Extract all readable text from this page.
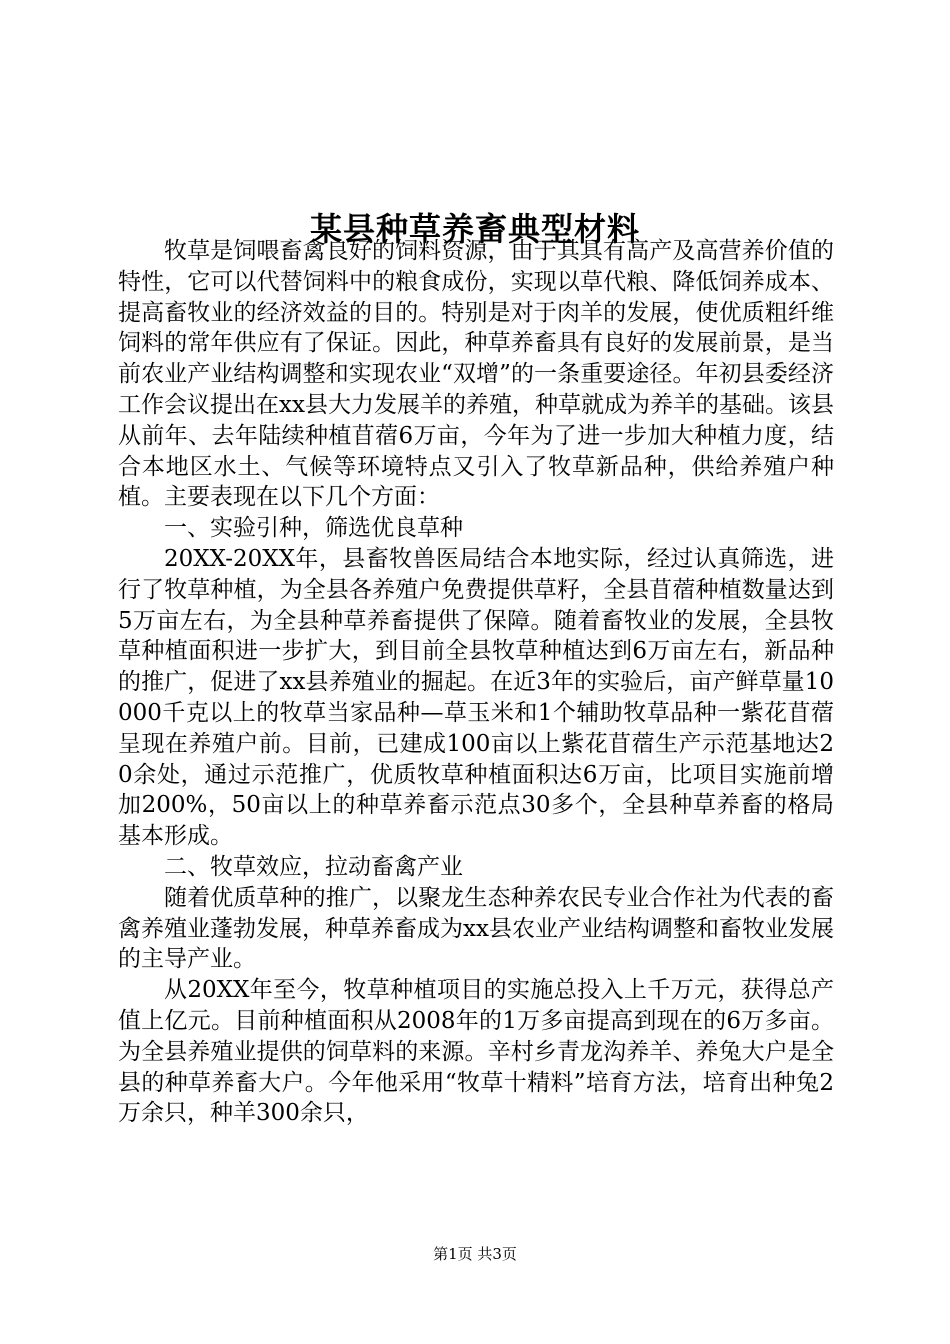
某县种草养畜典型材料

牧草是饲喂畜禽良好的饲料资源，由于其具有高产及高营养价值的特性，它可以代替饲料中的粮食成份，实现以草代粮、降低饲养成本、提高畜牧业的经济效益的目的。特别是对于肉羊的发展，使优质粗纤维饲料的常年供应有了保证。因此，种草养畜具有良好的发展前景，是当前农业产业结构调整和实现农业“双增”的一条重要途径。年初县委经济工作会议提出在xx县大力发展羊的养殖，种草就成为养羊的基础。该县从前年、去年陆续种植苜蓿6万亩，今年为了进一步加大种植力度，结合本地区水土、气候等环境特点又引入了牧草新品种，供给养殖户种植。主要表现在以下几个方面：

一、实验引种，筛选优良草种

20XX-20XX年，县畜牧兽医局结合本地实际，经过认真筛选，进行了牧草种植，为全县各养殖户免费提供草籽，全县苜蓿种植数量达到5万亩左右，为全县种草养畜提供了保障。随着畜牧业的发展，全县牧草种植面积进一步扩大，到目前全县牧草种植达到6万亩左右，新品种的推广，促进了xx县养殖业的掘起。在近3年的实验后，亩产鲜草量10000千克以上的牧草当家品种—草玉米和1个辅助牧草品种一紫花苜蓿呈现在养殖户前。目前，已建成100亩以上紫花苜蓿生产示范基地达20余处，通过示范推广，优质牧草种植面积达6万亩，比项目实施前增加200%，50亩以上的种草养畜示范点30多个，全县种草养畜的格局基本形成。

二、牧草效应，拉动畜禽产业

随着优质草种的推广，以聚龙生态种养农民专业合作社为代表的畜禽养殖业蓬勃发展，种草养畜成为xx县农业产业结构调整和畜牧业发展的主导产业。

从20XX年至今，牧草种植项目的实施总投入上千万元，获得总产值上亿元。目前种植面积从2008年的1万多亩提高到现在的6万多亩。为全县养殖业提供的饲草料的来源。辛村乡青龙沟养羊、养兔大户是全县的种草养畜大户。今年他采用“牧草十精料”培育方法，培育出种兔2万余只，种羊300余只，

第1页 共3页
